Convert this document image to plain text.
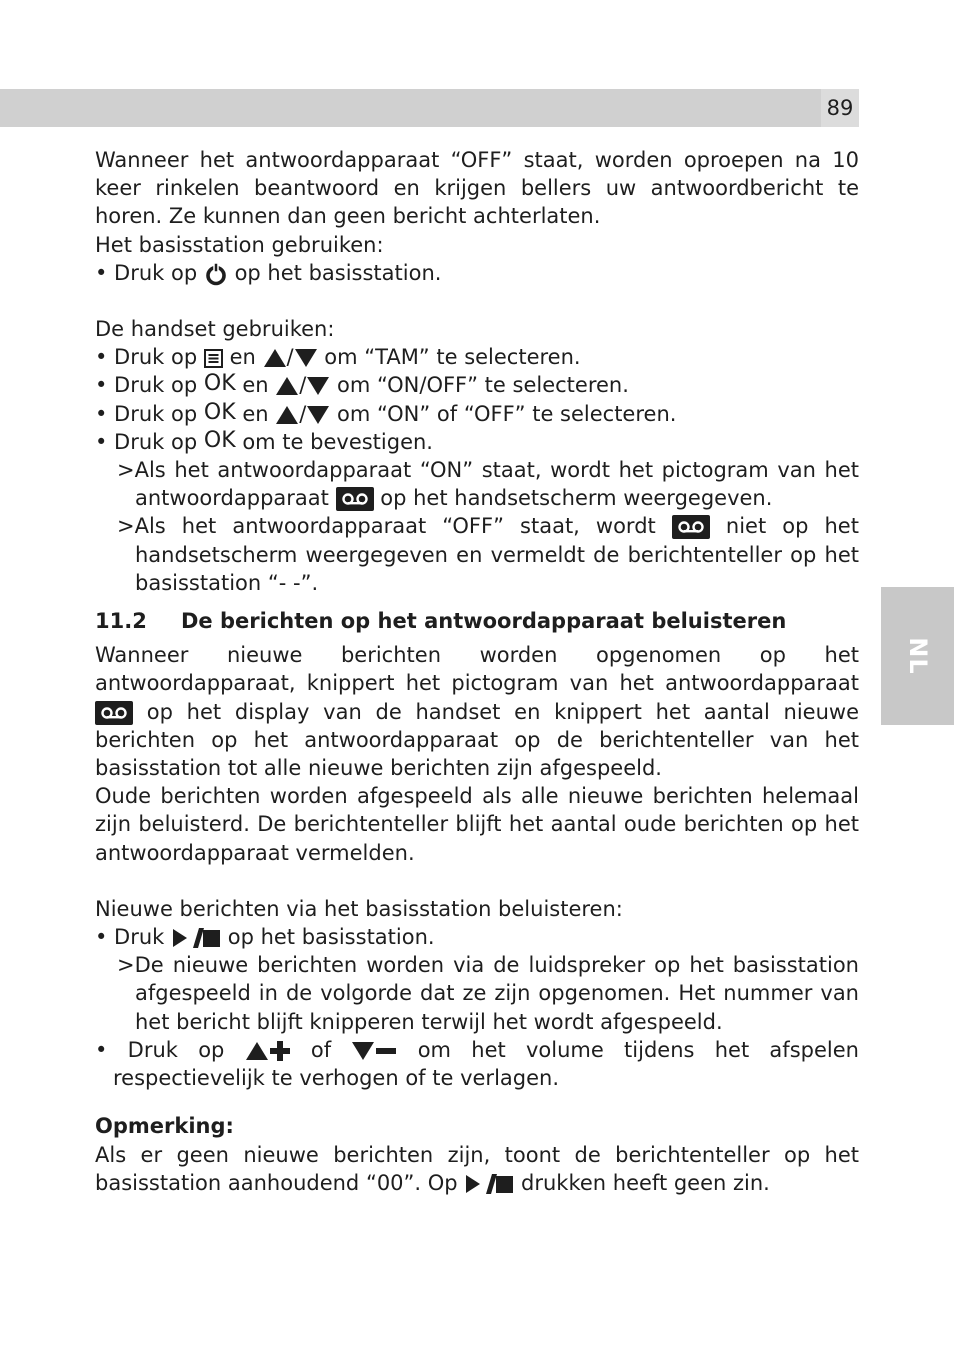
89
NL

Wanneer het antwoordapparaat “OFF” staat, worden oproepen na 10 keer rinkelen beantwoord en krijgen bellers uw antwoordbericht te horen. Ze kunnen dan geen bericht achterlaten.

Het basisstation gebruiken:

• Druk op op het basisstation.

De handset gebruiken:

• Druk op en / om “TAM” te selecteren.

• Druk op OK en / om “ON/OFF” te selecteren.

• Druk op OK en / om “ON” of “OFF” te selecteren.

• Druk op OK om te bevestigen.

>Als het antwoordapparaat “ON” staat, wordt het pictogram van het antwoordapparaat op het handsetscherm weergegeven.

>Als het antwoordapparaat “OFF” staat, wordt	niet op het handsetscherm weergegeven en vermeldt de berichtenteller op het basisstation “- -”.

11.2	De berichten op het antwoordapparaat beluisteren

Wanneer nieuwe berichten worden opgenomen op het antwoordapparaat, knippert het pictogram van het antwoordapparaat  op het display van de handset en knippert het aantal nieuwe berichten op het antwoordapparaat op de berichtenteller van het basisstation tot alle nieuwe berichten zijn afgespeeld.

Oude berichten worden afgespeeld als alle nieuwe berichten helemaal zijn beluisterd. De berichtenteller blijft het aantal oude berichten op het antwoordapparaat vermelden.

Nieuwe berichten via het basisstation beluisteren:

• Druk	op het basisstation.

>De nieuwe berichten worden via de luidspreker op het basisstation afgespeeld in de volgorde dat ze zijn opgenomen. Het nummer van het bericht blijft knipperen terwijl het wordt afgespeeld.

• Druk op	of	om het volume tijdens het afspelen respectievelijk te verhogen of te verlagen.

Opmerking:

Als er geen nieuwe berichten zijn, toont de berichtenteller op het basisstation aanhoudend “00”. Op	drukken heeft geen zin.
